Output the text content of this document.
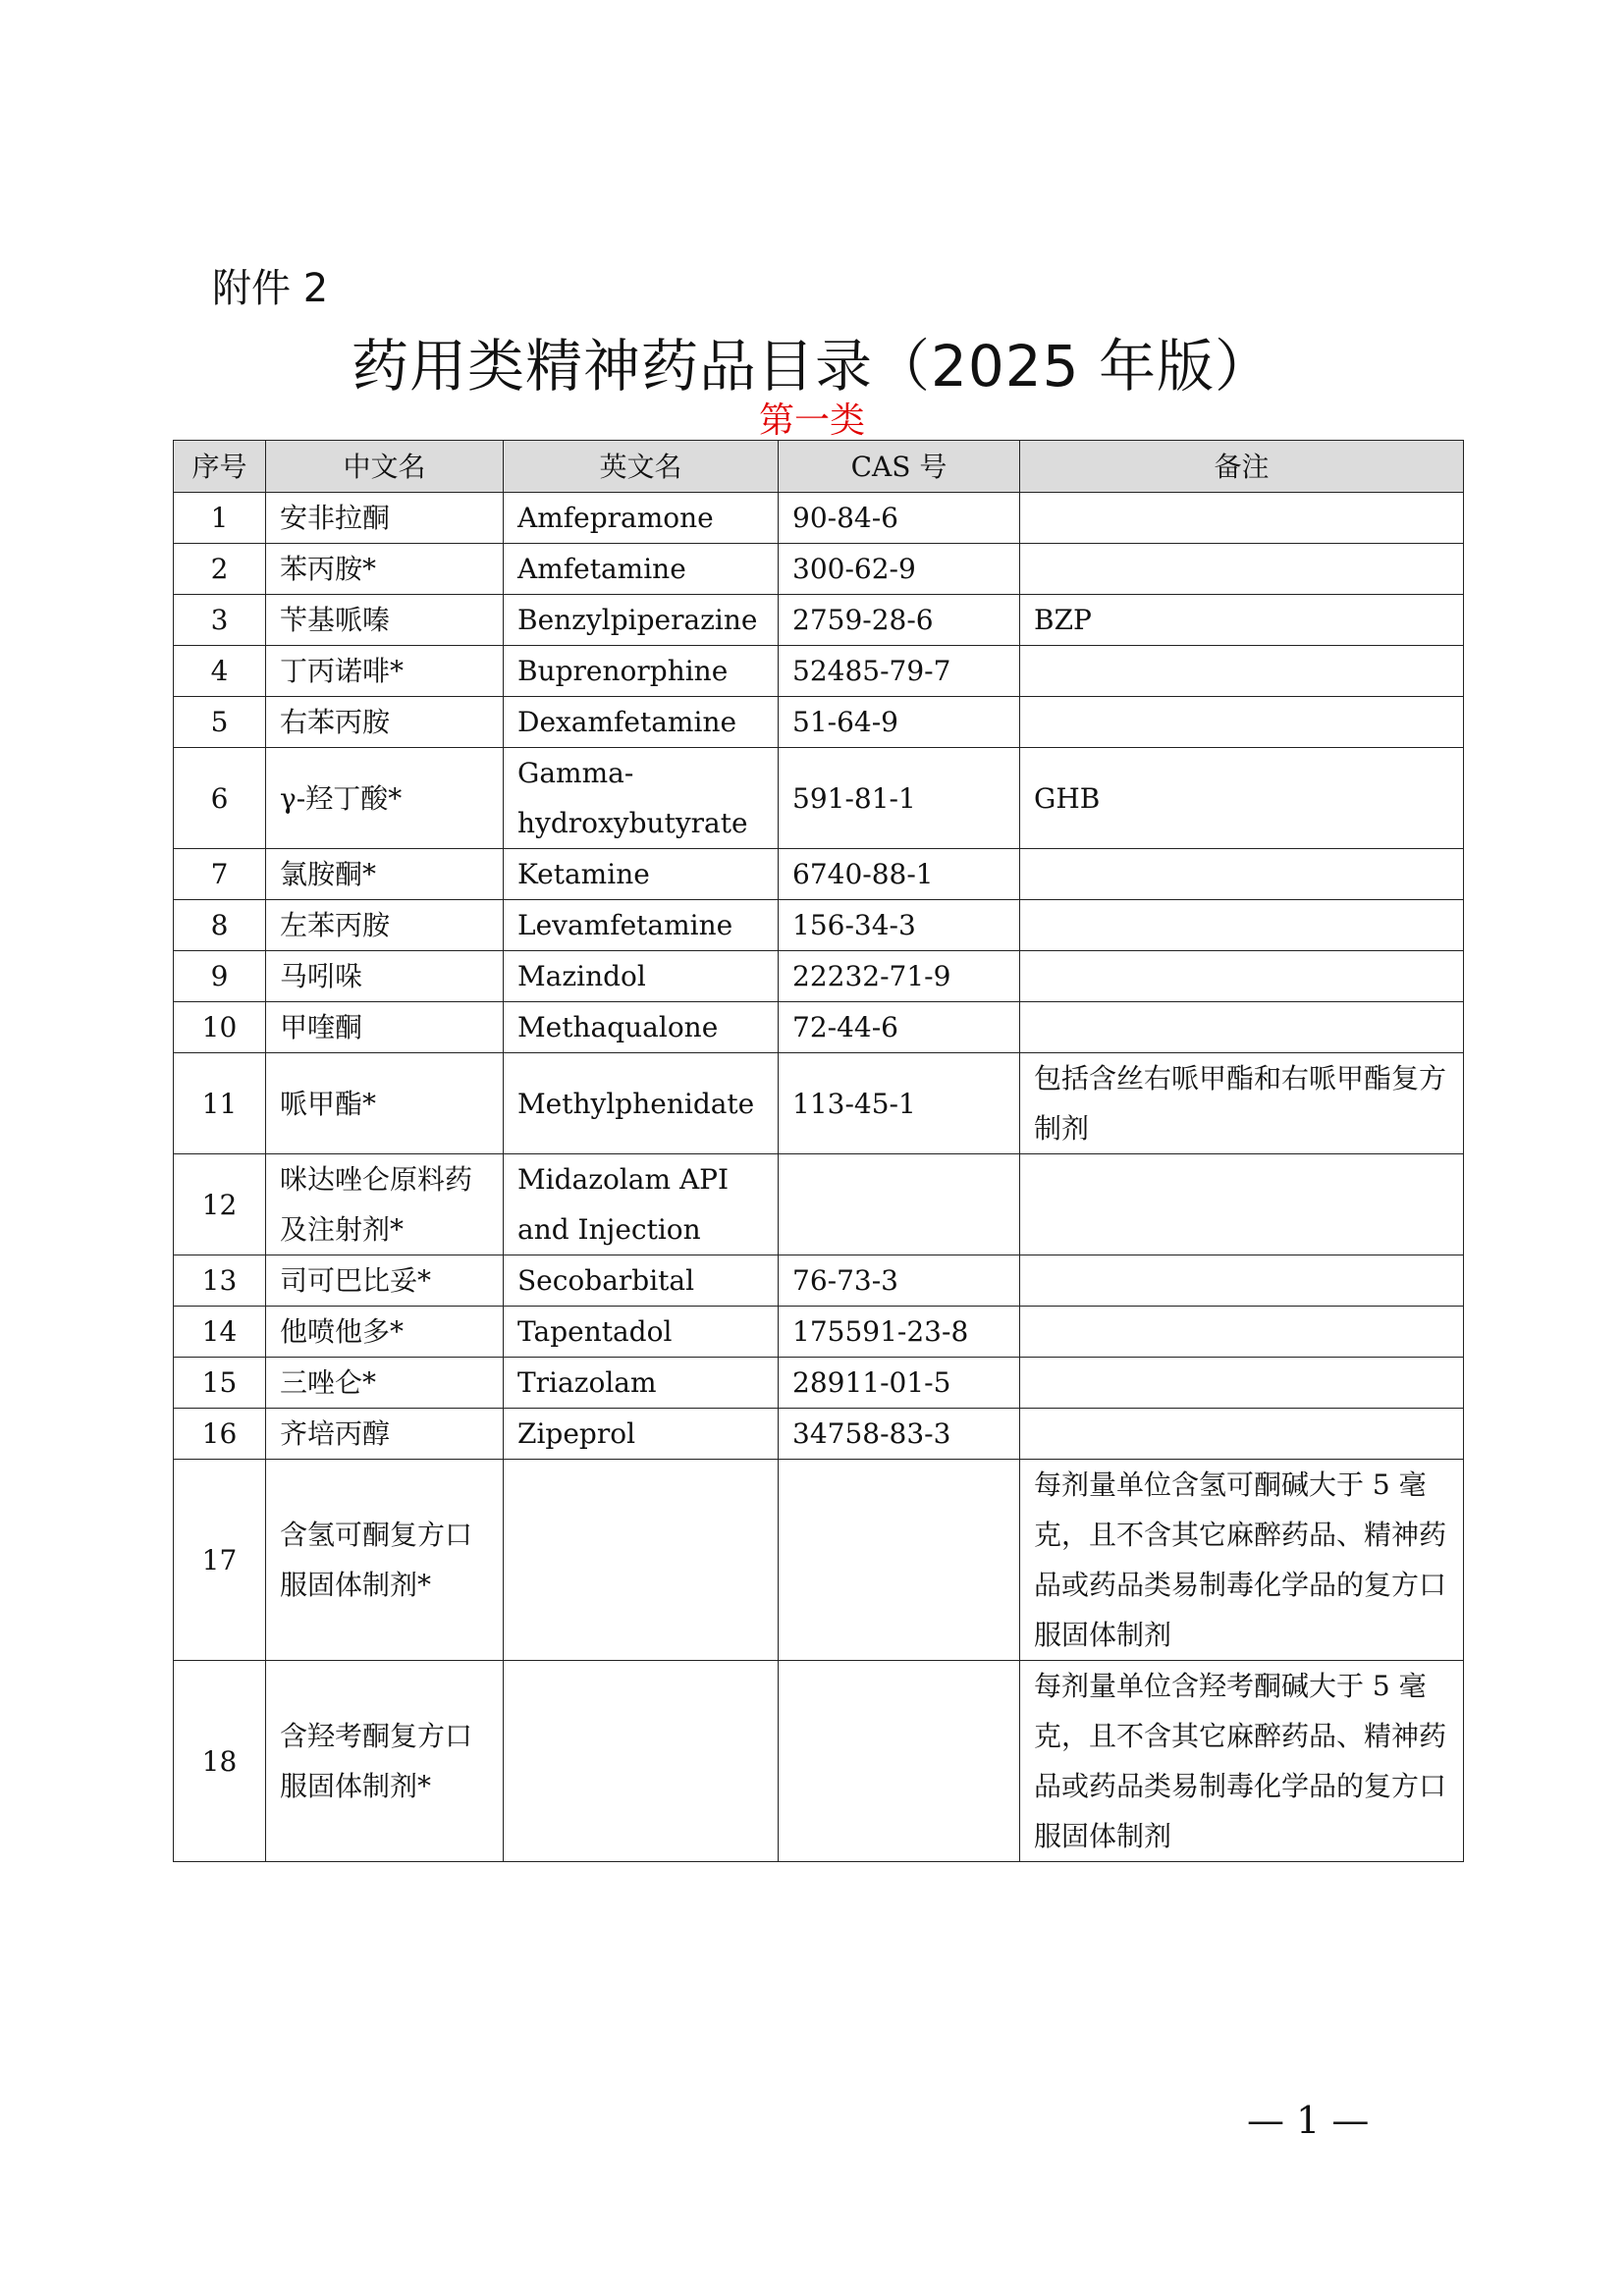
附件 2
药用类精神药品目录（2025 年版）
第一类
序号	中文名	英文名	CAS 号	备注
1	安非拉酮	Amfepramone	90-84-6	
2	苯丙胺*	Amfetamine	300-62-9	
3	苄基哌嗪	Benzylpiperazine	2759-28-6	BZP
4	丁丙诺啡*	Buprenorphine	52485-79-7	
5	右苯丙胺	Dexamfetamine	51-64-9	
6	γ-羟丁酸*	Gamma-hydroxybutyrate	591-81-1	GHB
7	氯胺酮*	Ketamine	6740-88-1	
8	左苯丙胺	Levamfetamine	156-34-3	
9	马吲哚	Mazindol	22232-71-9	
10	甲喹酮	Methaqualone	72-44-6	
11	哌甲酯*	Methylphenidate	113-45-1	包括含丝右哌甲酯和右哌甲酯复方制剂
12	咪达唑仑原料药及注射剂*	Midazolam API and Injection		
13	司可巴比妥*	Secobarbital	76-73-3	
14	他喷他多*	Tapentadol	175591-23-8	
15	三唑仑*	Triazolam	28911-01-5	
16	齐培丙醇	Zipeprol	34758-83-3	
17	含氢可酮复方口服固体制剂*			每剂量单位含氢可酮碱大于 5 毫克，且不含其它麻醉药品、精神药品或药品类易制毒化学品的复方口服固体制剂
18	含羟考酮复方口服固体制剂*			每剂量单位含羟考酮碱大于 5 毫克，且不含其它麻醉药品、精神药品或药品类易制毒化学品的复方口服固体制剂
— 1 —
